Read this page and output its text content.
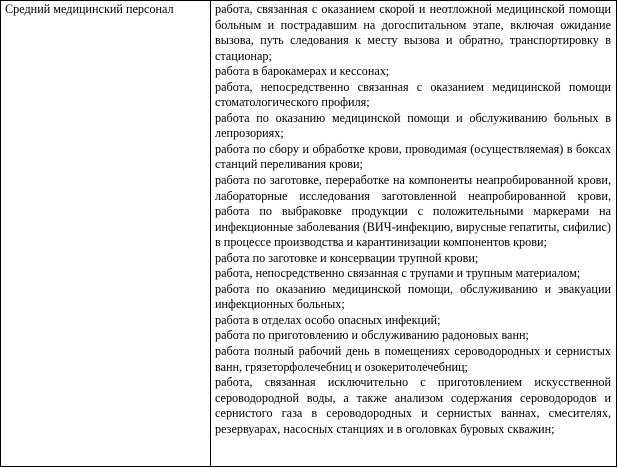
Средний медицинский персонал	работа, связанная с оказанием скорой и неотложной медицинской помощи больным и пострадавшим на догоспитальном этапе, включая ожидание вызова, путь следования к месту вызова и обратно, транспортировку в стационар;

работа в барокамерах и кессонах;

работа, непосредственно связанная с оказанием медицинской помощи стоматологического профиля;

работа по оказанию медицинской помощи и обслуживанию больных в лепрозориях;

работа по сбору и обработке крови, проводимая (осуществляемая) в боксах станций переливания крови;

работа по заготовке, переработке на компоненты неапробированной крови, лабораторные исследования заготовленной неапробированной крови, работа по выбраковке продукции с положительными маркерами на инфекционные заболевания (ВИЧ-инфекцию, вирусные гепатиты, сифилис) в процессе производства и карантинизации компонентов крови;

работа по заготовке и консервации трупной крови;

работа, непосредственно связанная с трупами и трупным материалом;

работа по оказанию медицинской помощи, обслуживанию и эвакуации инфекционных больных;

работа в отделах особо опасных инфекций;

работа по приготовлению и обслуживанию радоновых ванн;

работа полный рабочий день в помещениях сероводородных и сернистых ванн, грязеторфолечебниц и озокеритолечебниц;

работа, связанная исключительно с приготовлением искусственной сероводородной воды, а также анализом содержания сероводородов и сернистого газа в сероводородных и сернистых ваннах, смесителях, резервуарах, насосных станциях и в оголовках буровых скважин;
